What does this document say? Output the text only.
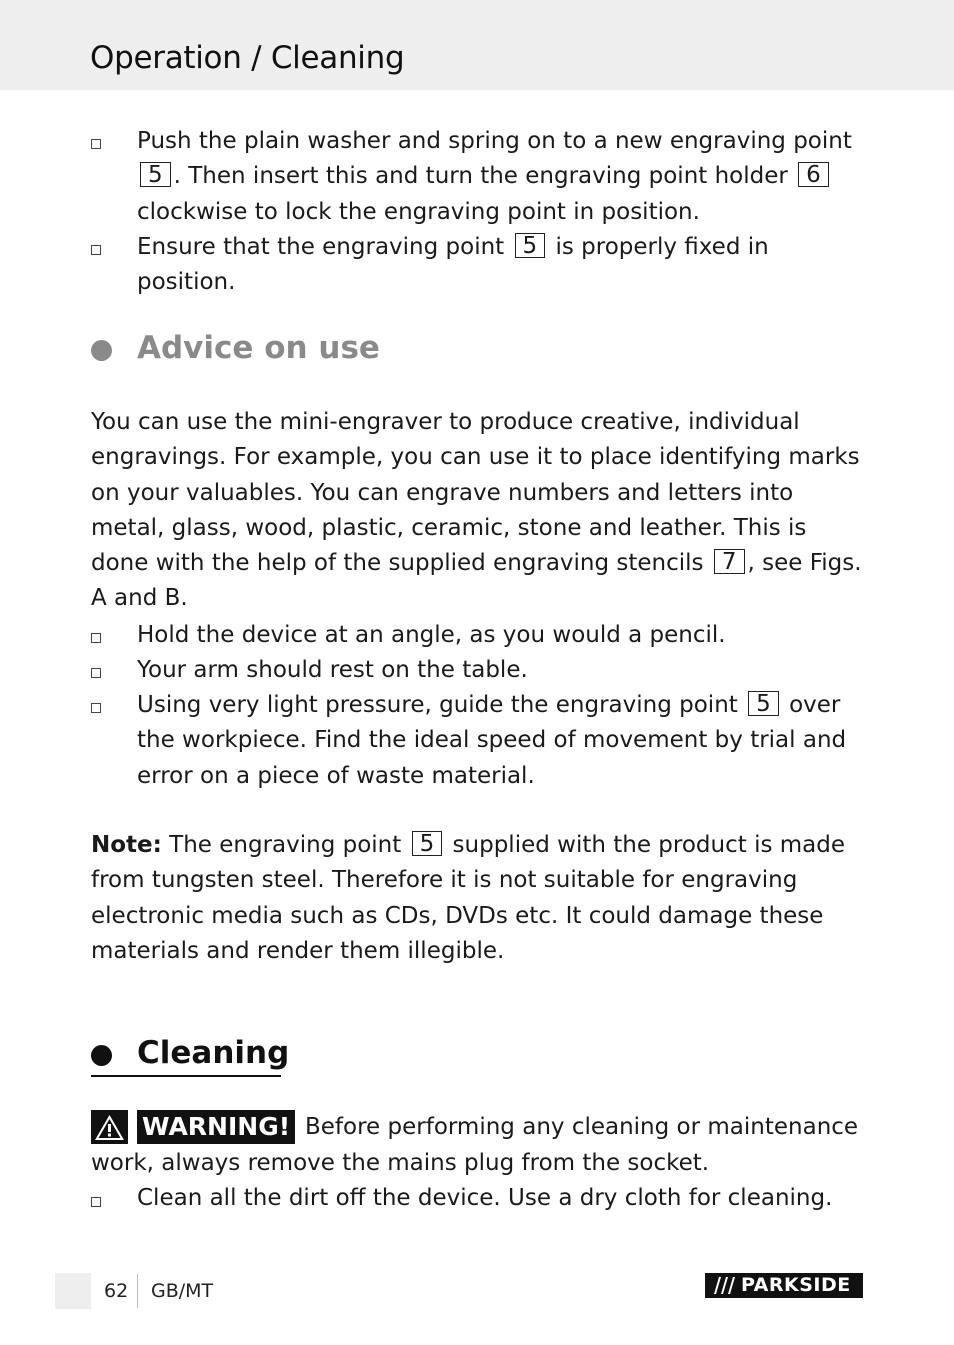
Operation / Cleaning
Push the plain washer and spring on to a new engraving point 5 . Then insert this and turn the engraving point holder 6 clockwise to lock the engraving point in position.
Ensure that the engraving point 5 is properly fixed in position.
Advice on use
You can use the mini-engraver to produce creative, individual engravings. For example, you can use it to place identifying marks on your valuables. You can engrave numbers and letters into metal, glass, wood, plastic, ceramic, stone and leather. This is done with the help of the supplied engraving stencils 7 , see Figs. A and B.
Hold the device at an angle, as you would a pencil.
Your arm should rest on the table.
Using very light pressure, guide the engraving point 5 over the workpiece. Find the ideal speed of movement by trial and error on a piece of waste material.
Note: The engraving point 5 supplied with the product is made from tungsten steel. Therefore it is not suitable for engraving electronic media such as CDs, DVDs etc. It could damage these materials and render them illegible.
Cleaning
WARNING! Before performing any cleaning or maintenance
work, always remove the mains plug from the socket.
Clean all the dirt off the device. Use a dry cloth for cleaning.
62 GB/MT	PARKSIDE
